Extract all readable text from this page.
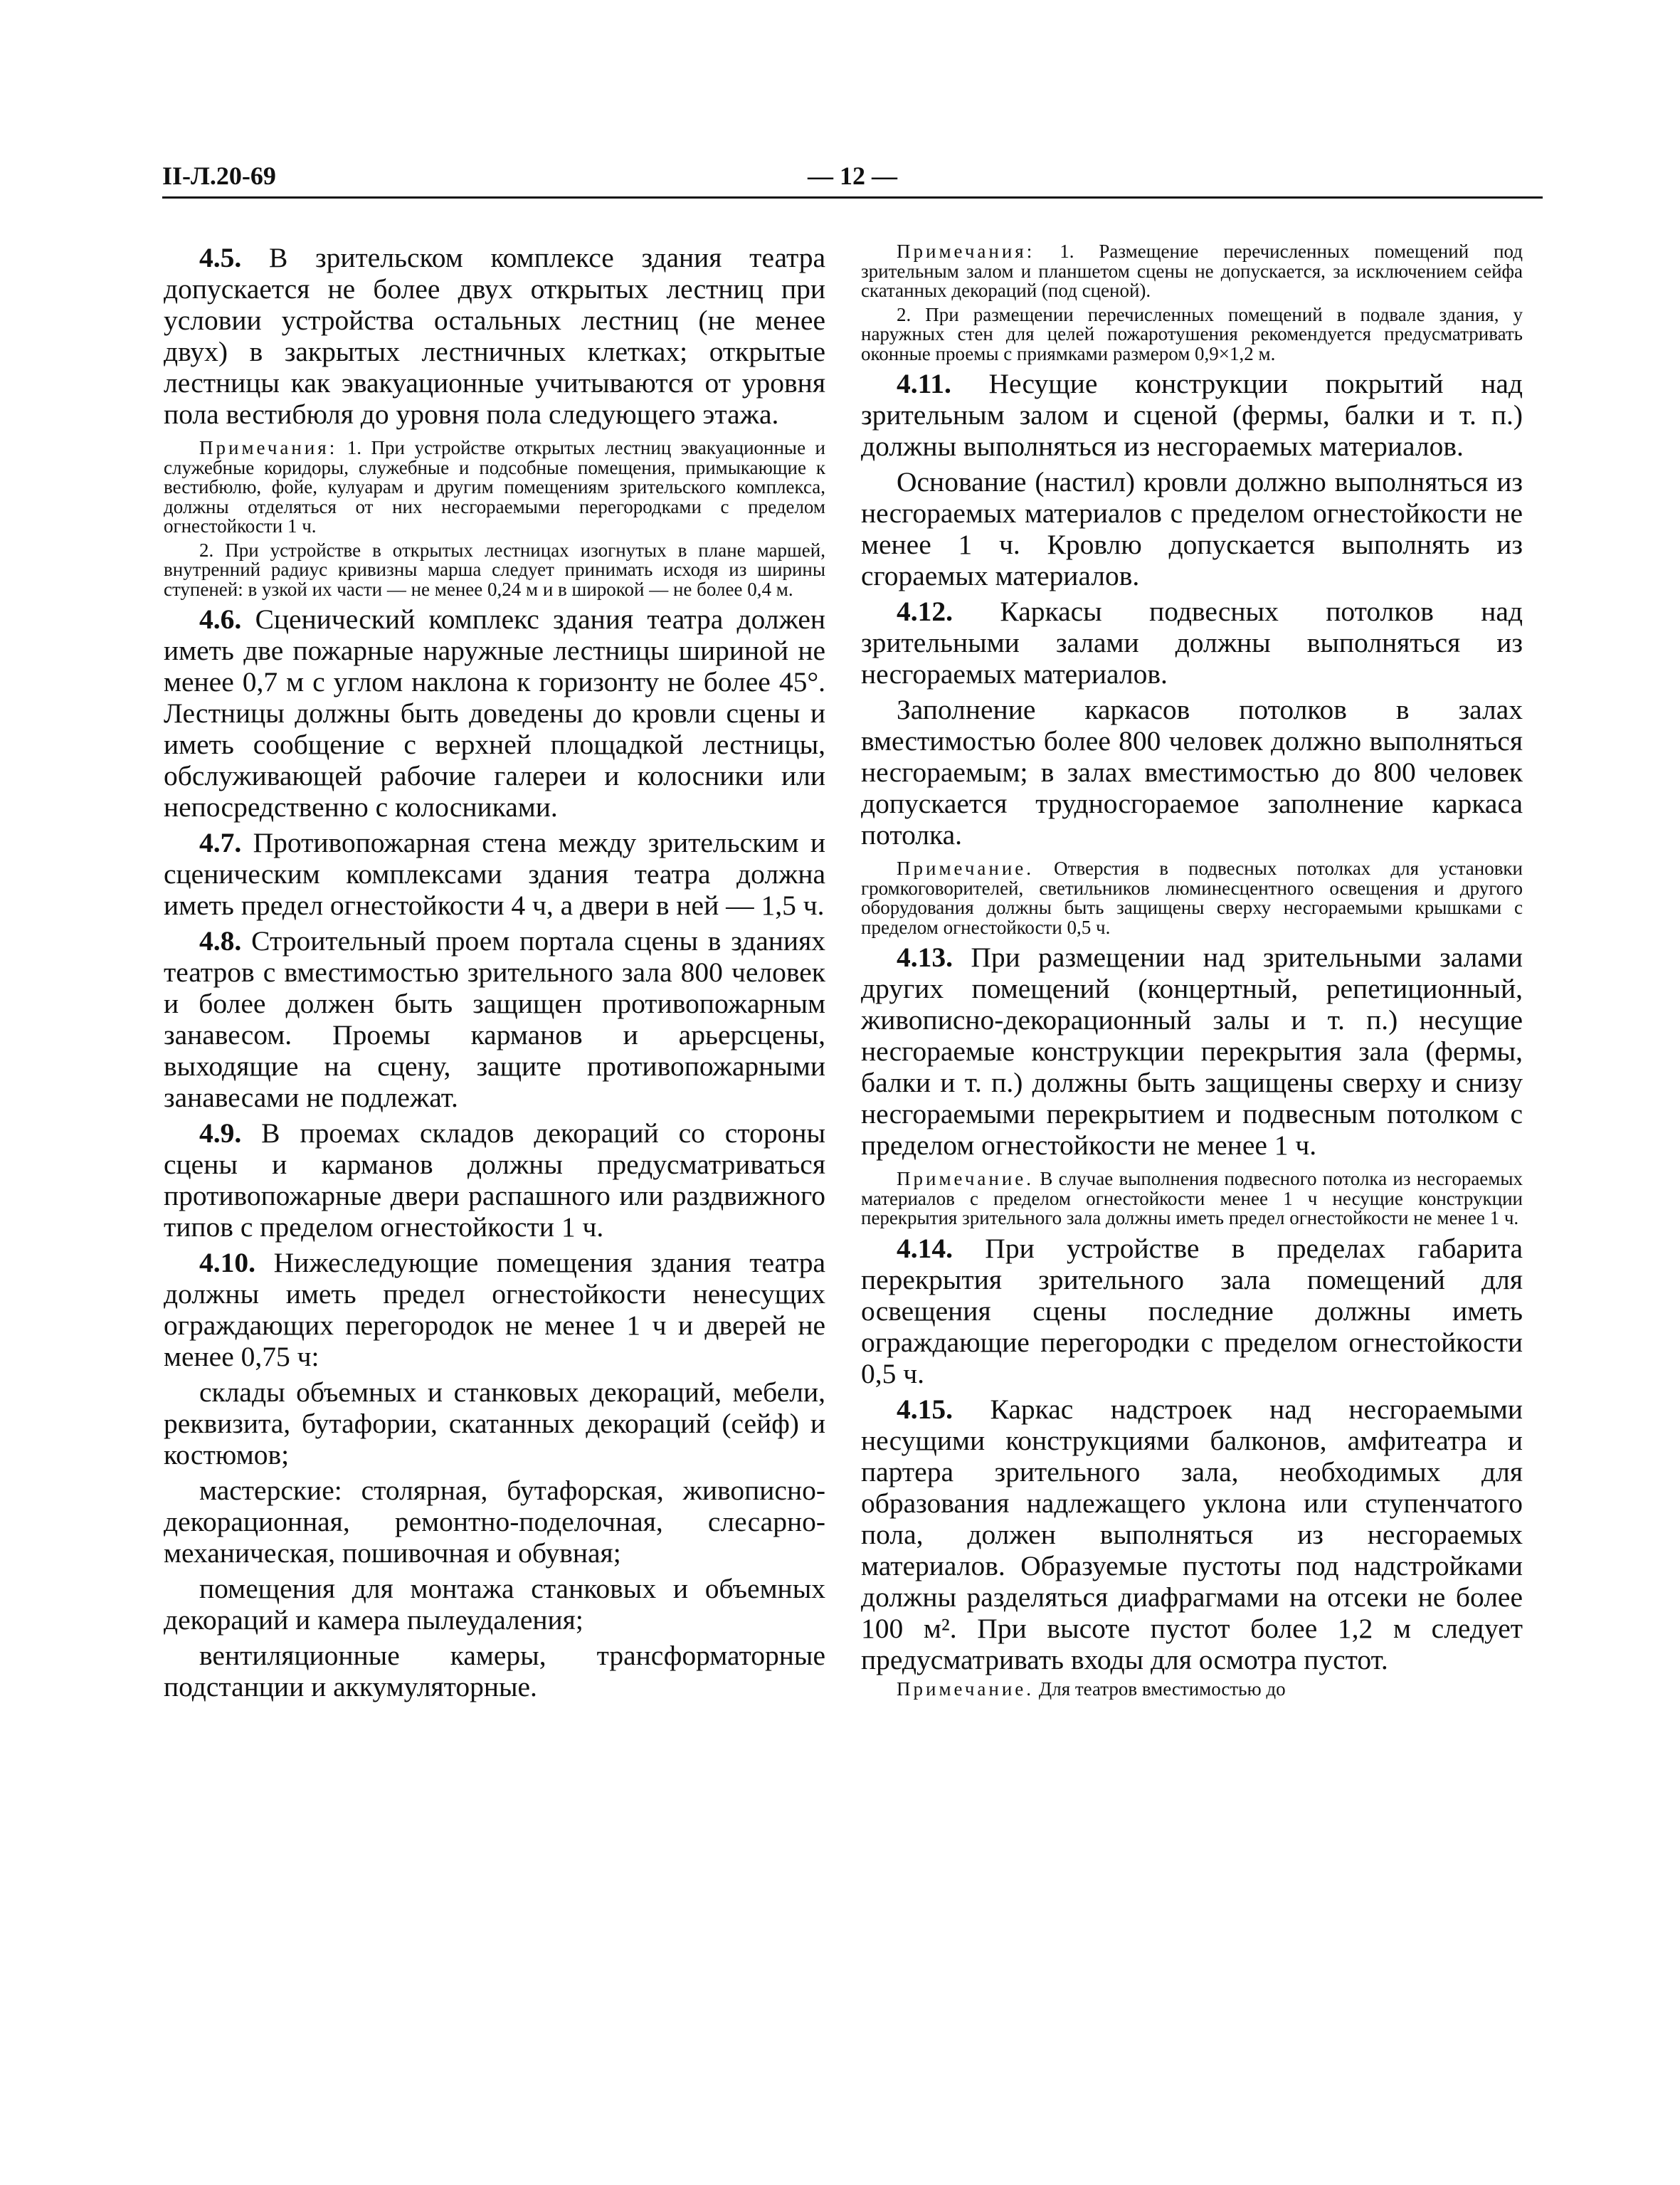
II-Л.20-69	— 12 —

4.5. В зрительском комплексе здания театра допускается не более двух открытых лестниц при условии устройства остальных лестниц (не менее двух) в закрытых лестничных клетках; открытые лестницы как эвакуационные учитываются от уровня пола вестибюля до уровня пола следующего этажа.

Примечания: 1. При устройстве открытых лестниц эвакуационные и служебные коридоры, служебные и подсобные помещения, примыкающие к вестибюлю, фойе, кулуарам и другим помещениям зрительского комплекса, должны отделяться от них несгораемыми перегородками с пределом огнестойкости 1 ч.

2. При устройстве в открытых лестницах изогнутых в плане маршей, внутренний радиус кривизны марша следует принимать исходя из ширины ступеней: в узкой их части — не менее 0,24 м и в широкой — не более 0,4 м.

4.6. Сценический комплекс здания театра должен иметь две пожарные наружные лестницы шириной не менее 0,7 м с углом наклона к горизонту не более 45°. Лестницы должны быть доведены до кровли сцены и иметь сообщение с верхней площадкой лестницы, обслуживающей рабочие галереи и колосники или непосредственно с колосниками.

4.7. Противопожарная стена между зрительским и сценическим комплексами здания театра должна иметь предел огнестойкости 4 ч, а двери в ней — 1,5 ч.

4.8. Строительный проем портала сцены в зданиях театров с вместимостью зрительного зала 800 человек и более должен быть защищен противопожарным занавесом. Проемы карманов и арьерсцены, выходящие на сцену, защите противопожарными занавесами не подлежат.

4.9. В проемах складов декораций со стороны сцены и карманов должны предусматриваться противопожарные двери распашного или раздвижного типов с пределом огнестойкости 1 ч.

4.10. Нижеследующие помещения здания театра должны иметь предел огнестойкости ненесущих ограждающих перегородок не менее 1 ч и дверей не менее 0,75 ч:

склады объемных и станковых декораций, мебели, реквизита, бутафории, скатанных декораций (сейф) и костюмов;

мастерские: столярная, бутафорская, живописно-декорационная, ремонтно-поделочная, слесарно-механическая, пошивочная и обувная;

помещения для монтажа станковых и объемных декораций и камера пылеудаления;

вентиляционные камеры, трансформаторные подстанции и аккумуляторные.

Примечания: 1. Размещение перечисленных помещений под зрительным залом и планшетом сцены не допускается, за исключением сейфа скатанных декораций (под сценой).

2. При размещении перечисленных помещений в подвале здания, у наружных стен для целей пожаротушения рекомендуется предусматривать оконные проемы с приямками размером 0,9×1,2 м.

4.11. Несущие конструкции покрытий над зрительным залом и сценой (фермы, балки и т. п.) должны выполняться из несгораемых материалов.

Основание (настил) кровли должно выполняться из несгораемых материалов с пределом огнестойкости не менее 1 ч. Кровлю допускается выполнять из сгораемых материалов.

4.12. Каркасы подвесных потолков над зрительными залами должны выполняться из несгораемых материалов.

Заполнение каркасов потолков в залах вместимостью более 800 человек должно выполняться несгораемым; в залах вместимостью до 800 человек допускается трудносгораемое заполнение каркаса потолка.

Примечание. Отверстия в подвесных потолках для установки громкоговорителей, светильников люминесцентного освещения и другого оборудования должны быть защищены сверху несгораемыми крышками с пределом огнестойкости 0,5 ч.

4.13. При размещении над зрительными залами других помещений (концертный, репетиционный, живописно-декорационный залы и т. п.) несущие несгораемые конструкции перекрытия зала (фермы, балки и т. п.) должны быть защищены сверху и снизу несгораемыми перекрытием и подвесным потолком с пределом огнестойкости не менее 1 ч.

Примечание. В случае выполнения подвесного потолка из несгораемых материалов с пределом огнестойкости менее 1 ч несущие конструкции перекрытия зрительного зала должны иметь предел огнестойкости не менее 1 ч.

4.14. При устройстве в пределах габарита перекрытия зрительного зала помещений для освещения сцены последние должны иметь ограждающие перегородки с пределом огнестойкости 0,5 ч.

4.15. Каркас надстроек над несгораемыми несущими конструкциями балконов, амфитеатра и партера зрительного зала, необходимых для образования надлежащего уклона или ступенчатого пола, должен выполняться из несгораемых материалов. Образуемые пустоты под надстройками должны разделяться диафрагмами на отсеки не более 100 м². При высоте пустот более 1,2 м следует предусматривать входы для осмотра пустот.

Примечание. Для театров вместимостью до
